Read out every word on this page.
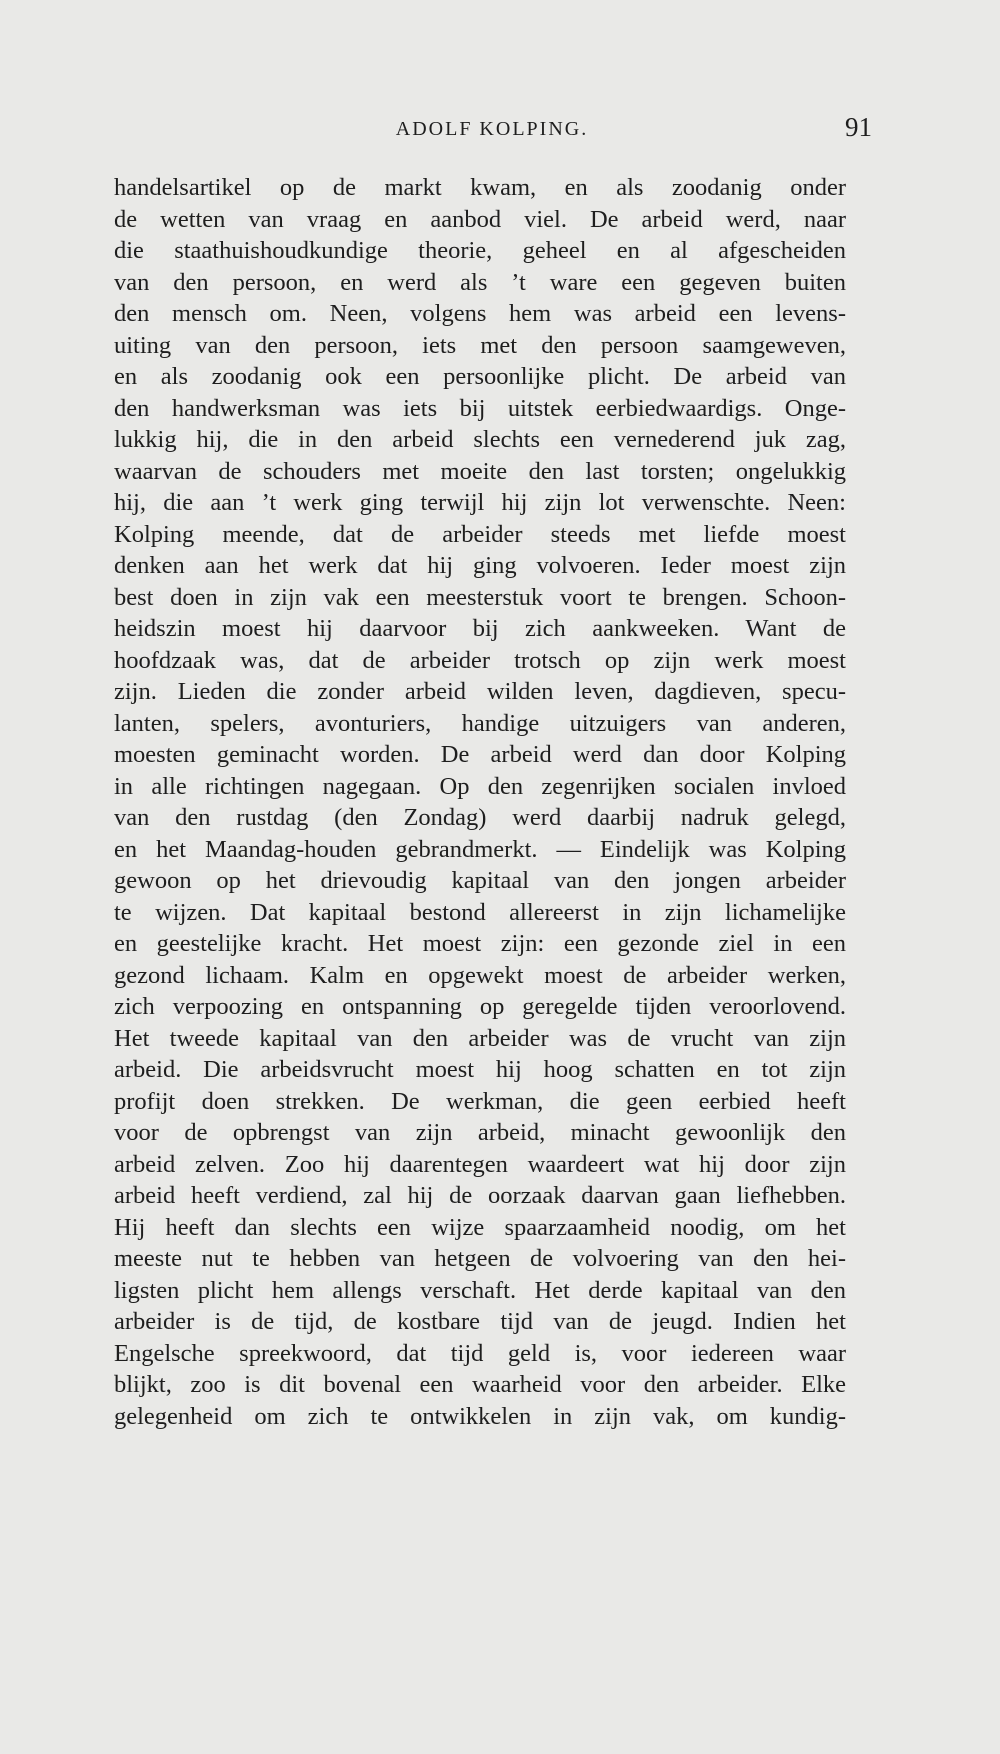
ADOLF KOLPING.	91
handelsartikel op de markt kwam, en als zoodanig onder
de wetten van vraag en aanbod viel. De arbeid werd, naar
die staathuishoudkundige theorie, geheel en al afgescheiden
van den persoon, en werd als ’t ware een gegeven buiten
den mensch om. Neen, volgens hem was arbeid een levens-
uiting van den persoon, iets met den persoon saamgeweven,
en als zoodanig ook een persoonlijke plicht. De arbeid van
den handwerksman was iets bij uitstek eerbiedwaardigs. Onge-
lukkig hij, die in den arbeid slechts een vernederend juk zag,
waarvan de schouders met moeite den last torsten; ongelukkig
hij, die aan ’t werk ging terwijl hij zijn lot verwenschte. Neen:
Kolping meende, dat de arbeider steeds met liefde moest
denken aan het werk dat hij ging volvoeren. Ieder moest zijn
best doen in zijn vak een meesterstuk voort te brengen. Schoon-
heidszin moest hij daarvoor bij zich aankweeken. Want de
hoofdzaak was, dat de arbeider trotsch op zijn werk moest
zijn. Lieden die zonder arbeid wilden leven, dagdieven, specu-
lanten, spelers, avonturiers, handige uitzuigers van anderen,
moesten geminacht worden. De arbeid werd dan door Kolping
in alle richtingen nagegaan. Op den zegenrijken socialen invloed
van den rustdag (den Zondag) werd daarbij nadruk gelegd,
en het Maandag-houden gebrandmerkt. — Eindelijk was Kolping
gewoon op het drievoudig kapitaal van den jongen arbeider
te wijzen. Dat kapitaal bestond allereerst in zijn lichamelijke
en geestelijke kracht. Het moest zijn: een gezonde ziel in een
gezond lichaam. Kalm en opgewekt moest de arbeider werken,
zich verpoozing en ontspanning op geregelde tijden veroorlovend.
Het tweede kapitaal van den arbeider was de vrucht van zijn
arbeid. Die arbeidsvrucht moest hij hoog schatten en tot zijn
profijt doen strekken. De werkman, die geen eerbied heeft
voor de opbrengst van zijn arbeid, minacht gewoonlijk den
arbeid zelven. Zoo hij daarentegen waardeert wat hij door zijn
arbeid heeft verdiend, zal hij de oorzaak daarvan gaan liefhebben.
Hij heeft dan slechts een wijze spaarzaamheid noodig, om het
meeste nut te hebben van hetgeen de volvoering van den hei-
ligsten plicht hem allengs verschaft. Het derde kapitaal van den
arbeider is de tijd, de kostbare tijd van de jeugd. Indien het
Engelsche spreekwoord, dat tijd geld is, voor iedereen waar
blijkt, zoo is dit bovenal een waarheid voor den arbeider. Elke
gelegenheid om zich te ontwikkelen in zijn vak, om kundig-
